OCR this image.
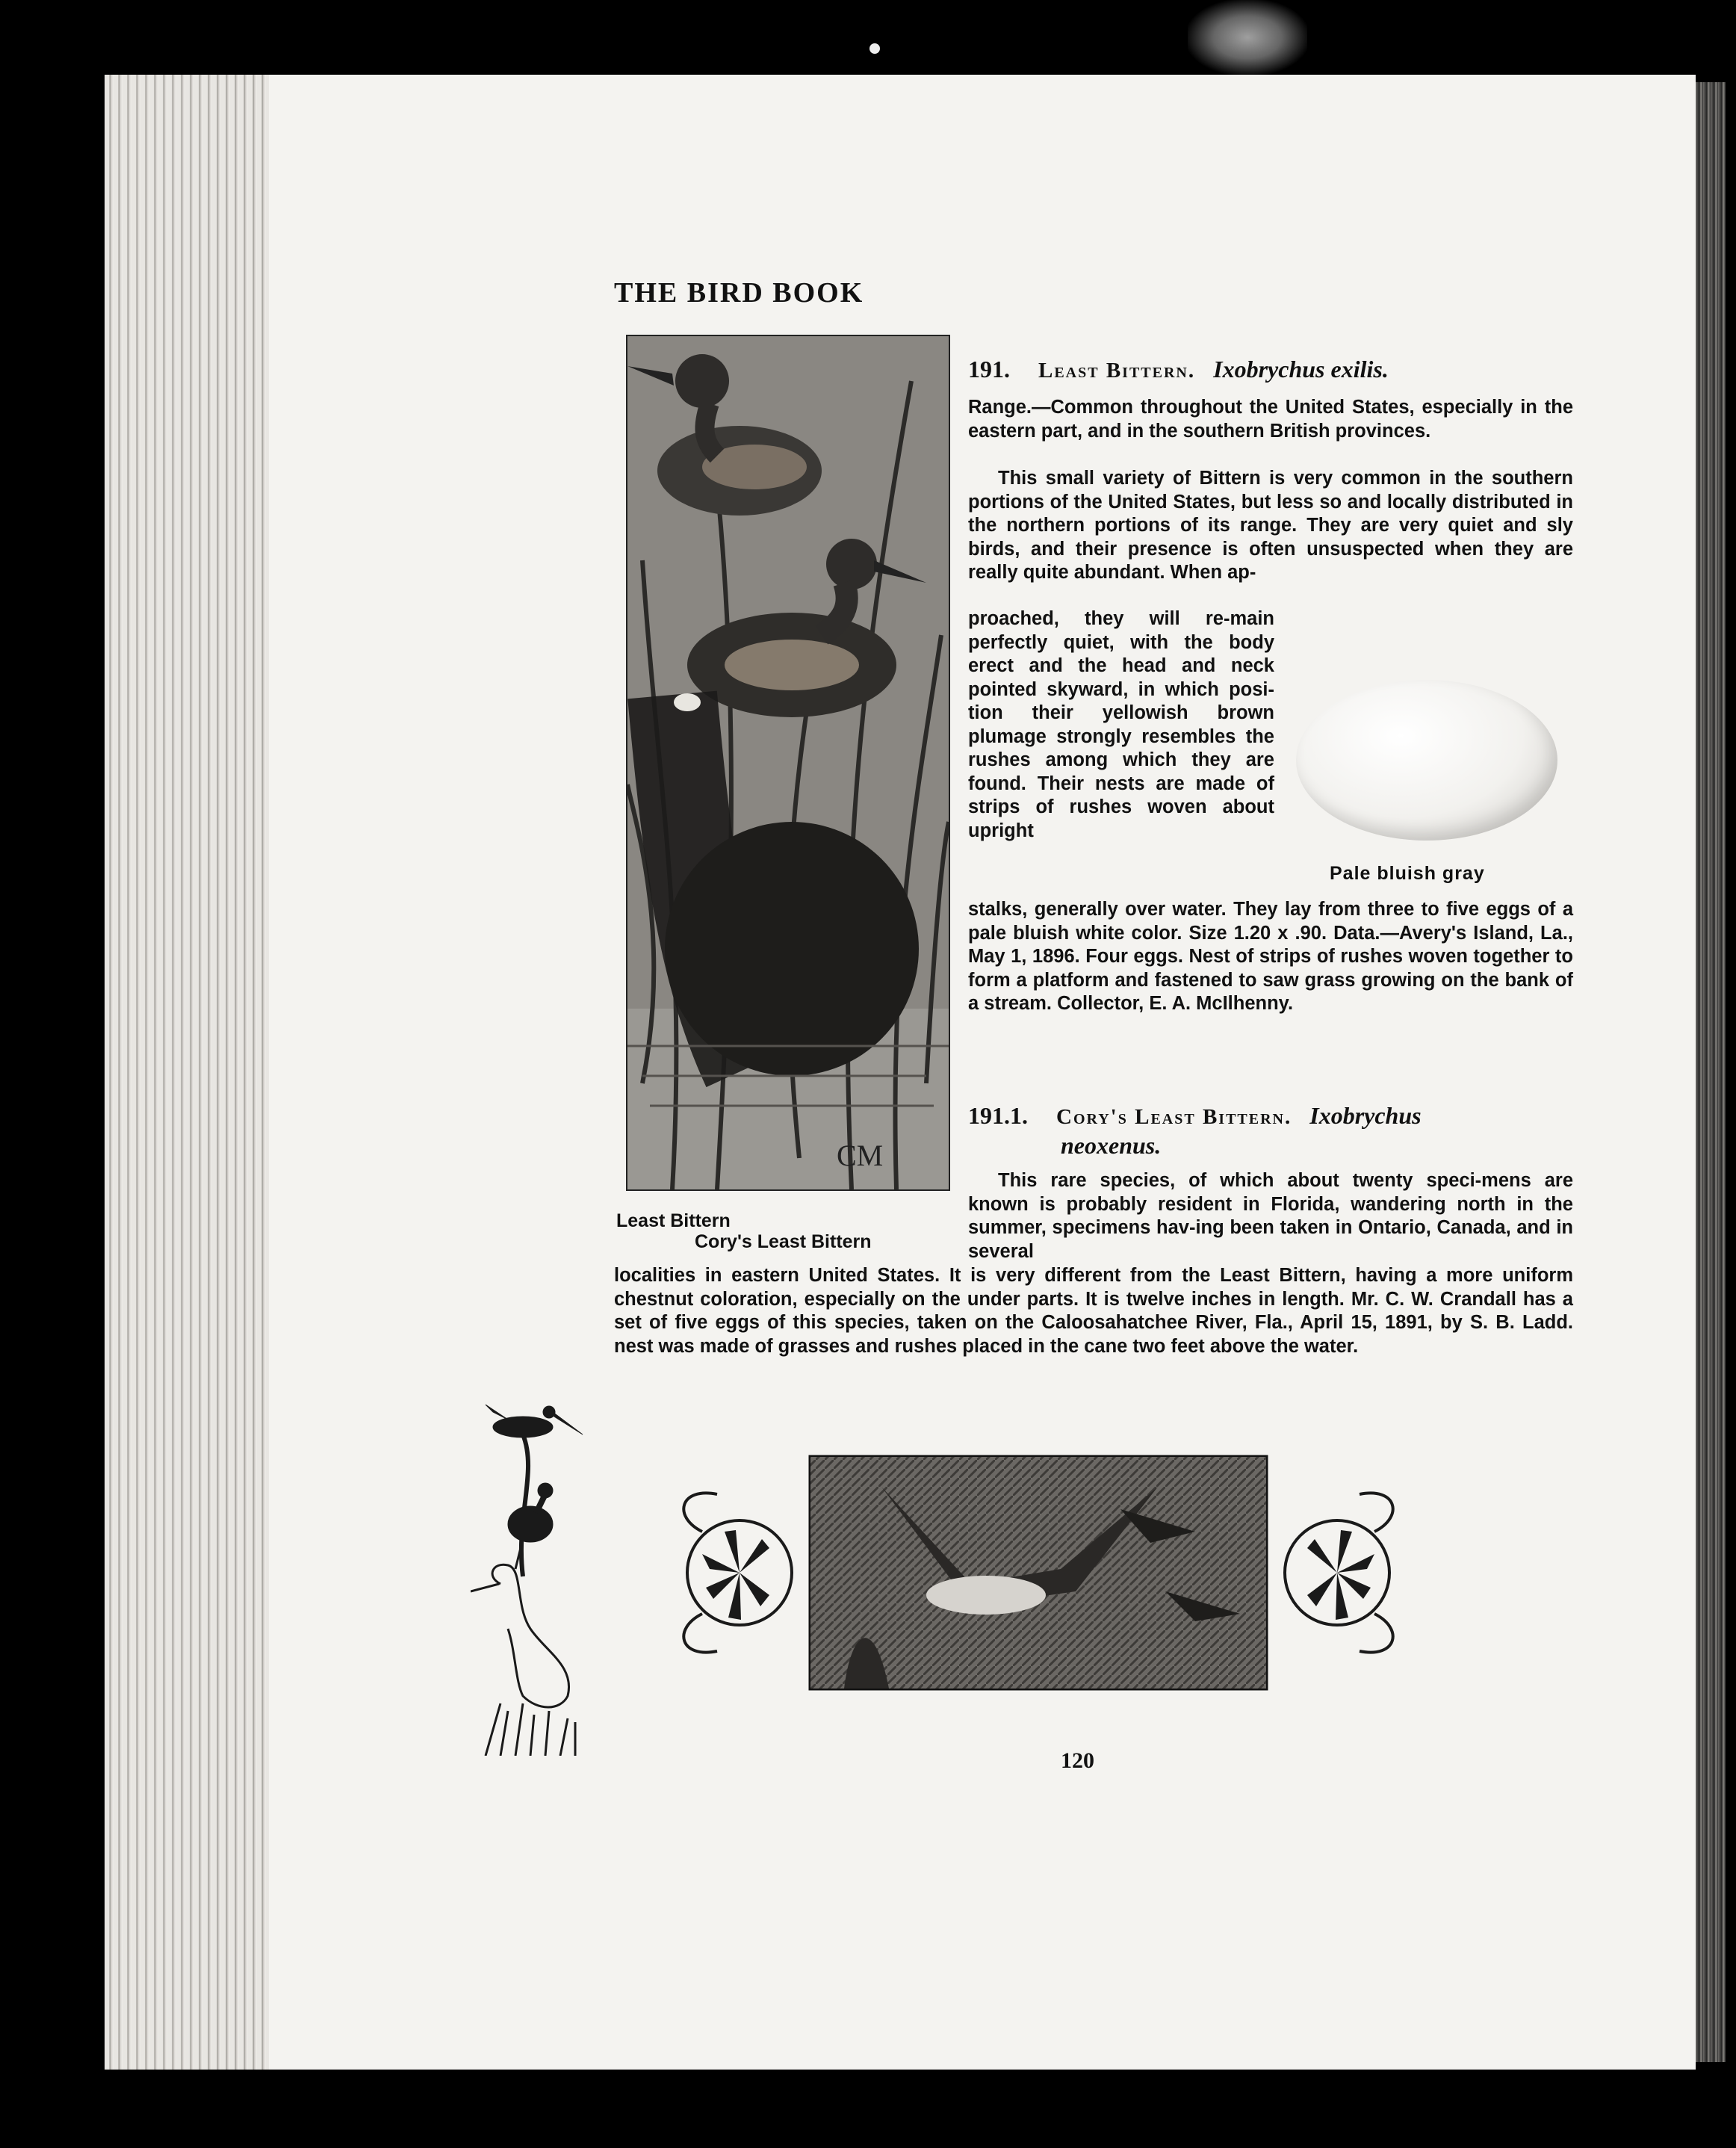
THE BIRD BOOK
CM
Least Bittern
Cory's Least Bittern
191. Least Bittern. Ixobrychus exilis.

Range.—Common throughout the United States, especially in the eastern part, and in the southern British provinces.

This small variety of Bittern is very common in the southern portions of the United States, but less so and locally distributed in the northern portions of its range. They are very quiet and sly birds, and their presence is often unsuspected when they are really quite abundant. When ap-

proached, they will re-main perfectly quiet, with the body erect and the head and neck pointed skyward, in which posi-tion their yellowish brown plumage strongly resembles the rushes among which they are found. Their nests are made of strips of rushes woven about upright

stalks, generally over water. They lay from three to five eggs of a pale bluish white color. Size 1.20 x .90. Data.—Avery's Island, La., May 1, 1896. Four eggs. Nest of strips of rushes woven together to form a platform and fastened to saw grass growing on the bank of a stream. Collector, E. A. McIlhenny.

Pale bluish gray
191.1. Cory's Least Bittern. Ixobrychus
neoxenus.

This rare species, of which about twenty speci-mens are known is probably resident in Florida, wandering north in the summer, specimens hav-ing been taken in Ontario, Canada, and in several

localities in eastern United States. It is very different from the Least Bittern, having a more uniform chestnut coloration, especially on the under parts. It is twelve inches in length. Mr. C. W. Crandall has a set of five eggs of this species, taken on the Caloosahatchee River, Fla., April 15, 1891, by S. B. Ladd. nest was made of grasses and rushes placed in the cane two feet above the water.

120
